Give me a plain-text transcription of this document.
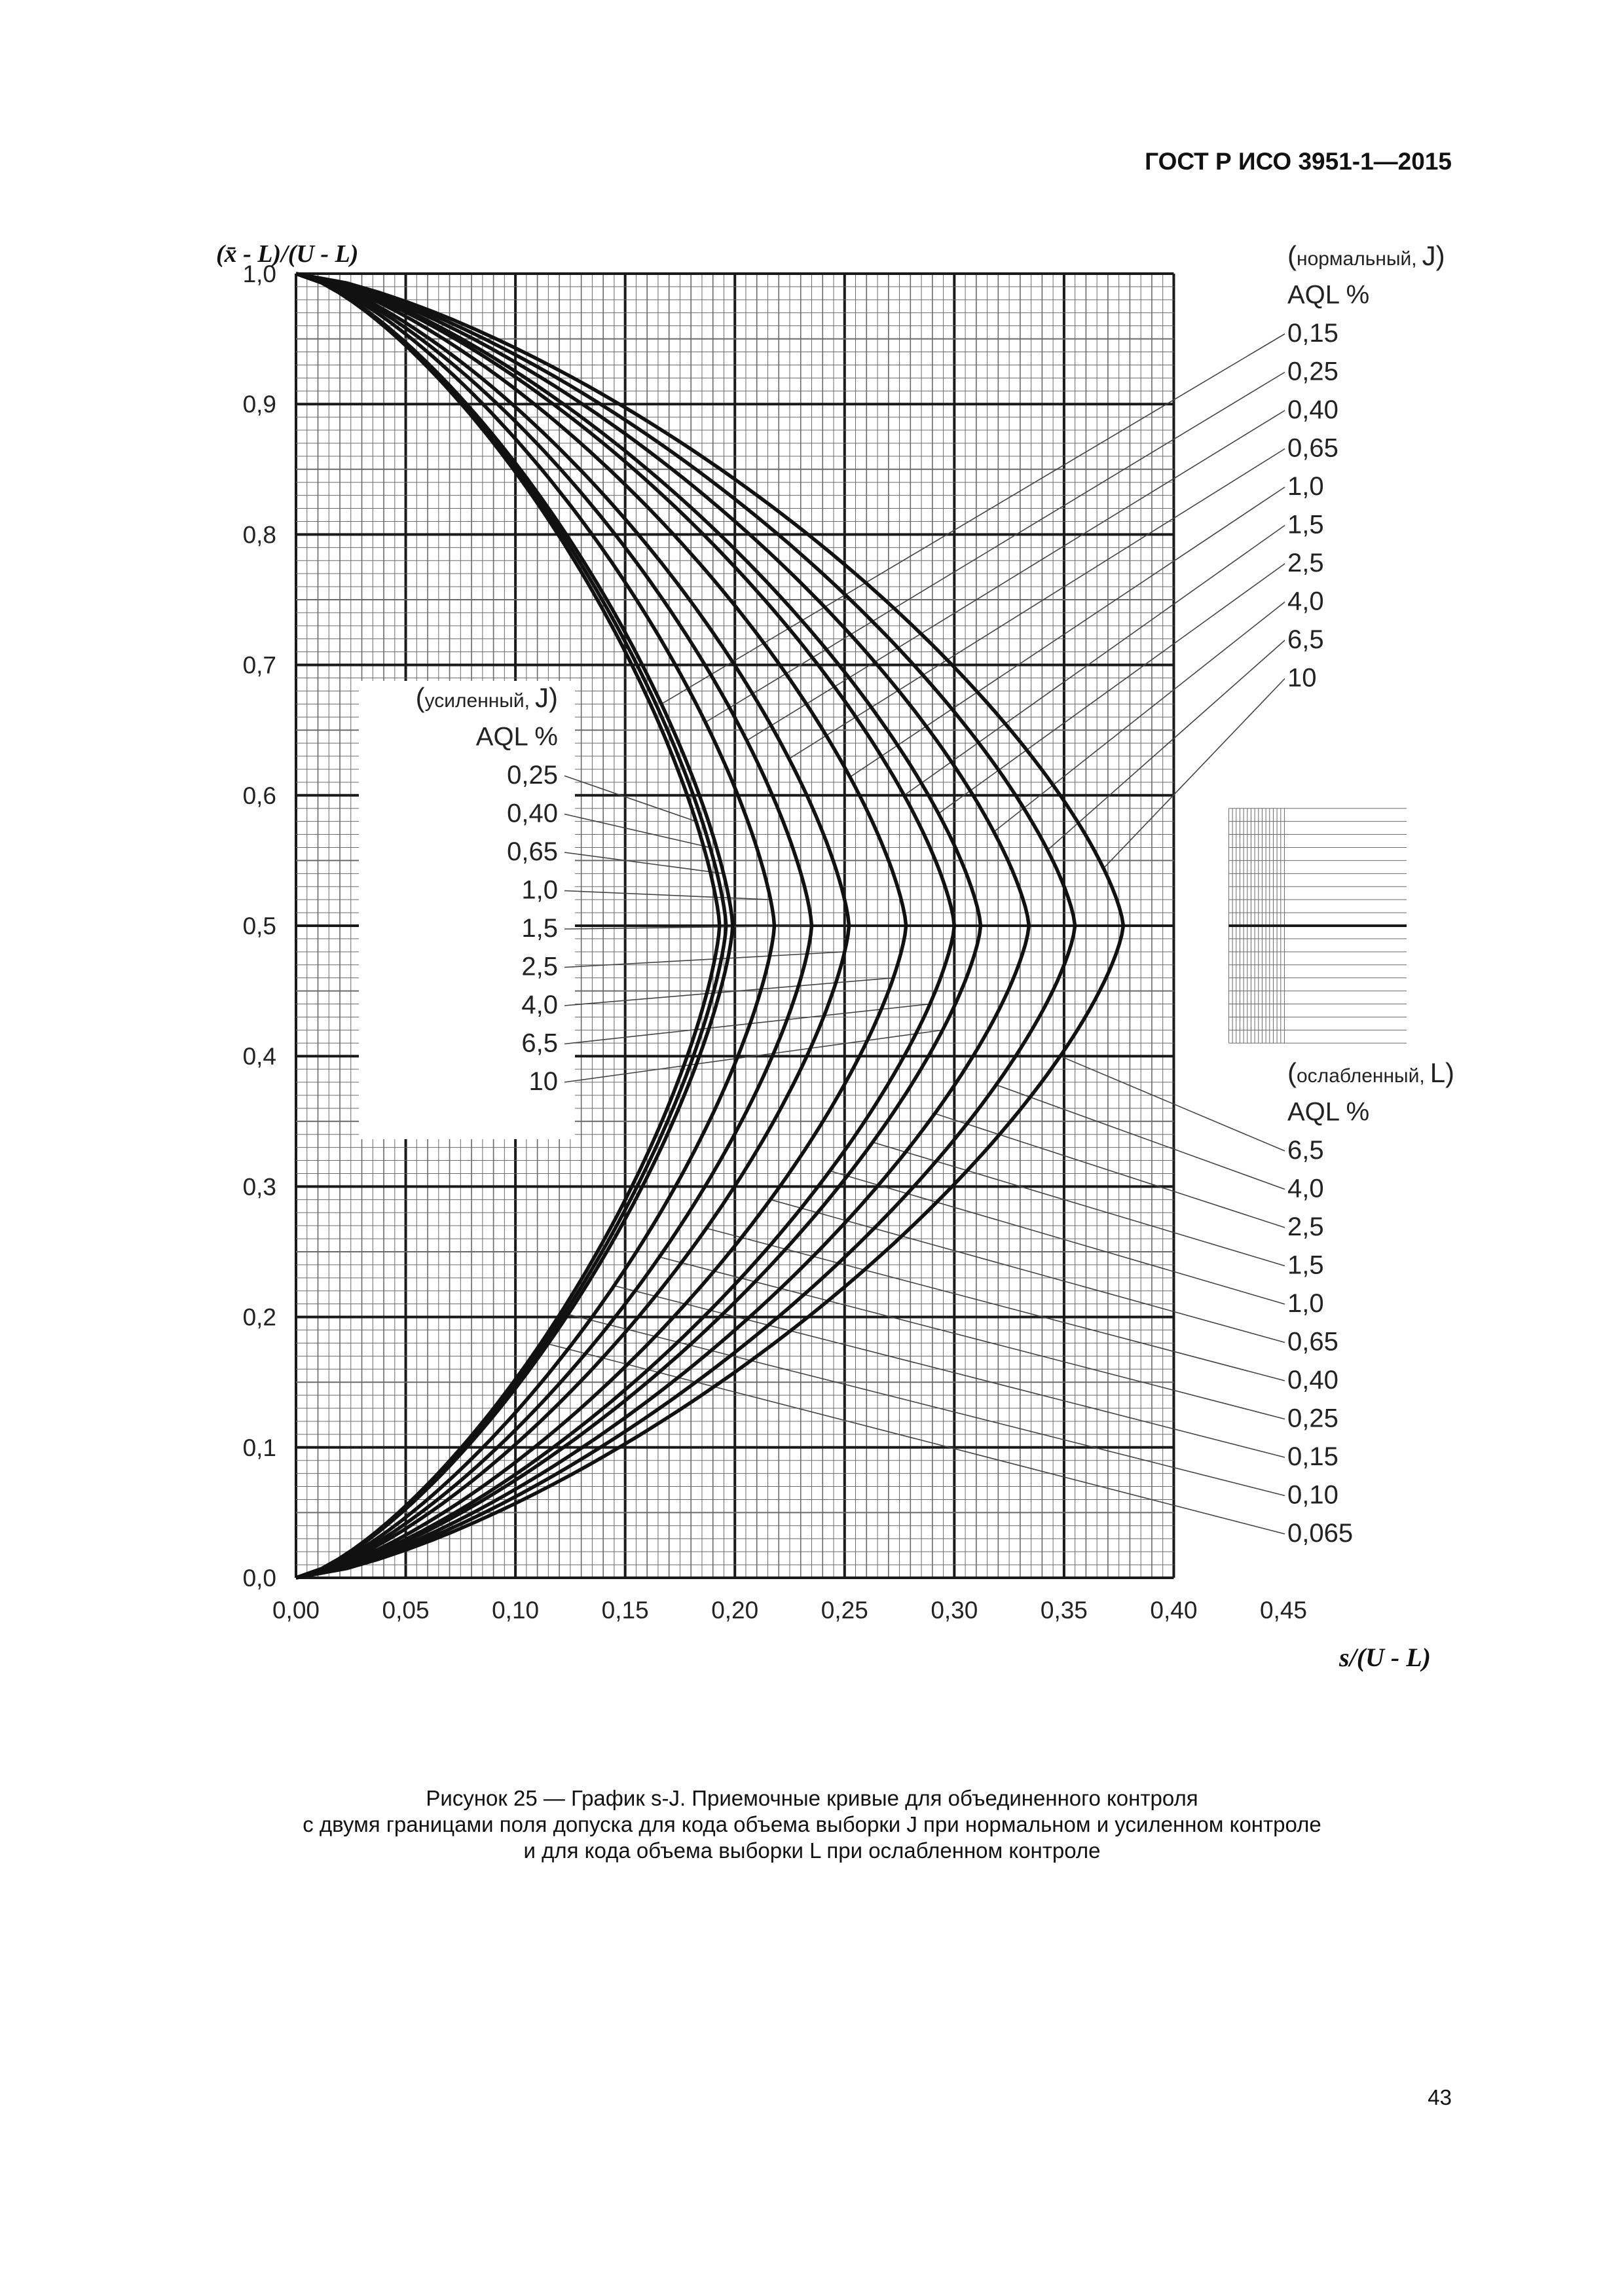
ГОСТ Р ИСО 3951-1—2015
0,00	0,05	0,10	0,15	0,20	0,25	0,30	0,35	0,40	0,45
0,0
0,1
0,2
0,3
0,4
0,5
0,6
0,7
0,8
0,9
1,0
(нормальный, J)
AQL %
0,15
0,25
0,40
0,65
1,0
1,5
2,5
4,0
6,5
10
(усиленный, J)
AQL %
0,25
0,40
0,65
1,0
1,5
2,5
4,0
6,5
10	(ослабленный, L)
AQL %
6,5
4,0
2,5
1,5
1,0
0,65
0,40
0,25
0,15
0,10
0,065
(x̄ - L)/(U - L)
s/(U - L)
Рисунок 25 — График s-J. Приемочные кривые для объединенного контроля
с двумя границами поля допуска для кода объема выборки J при нормальном и усиленном контроле
и для кода объема выборки L при ослабленном контроле
43
